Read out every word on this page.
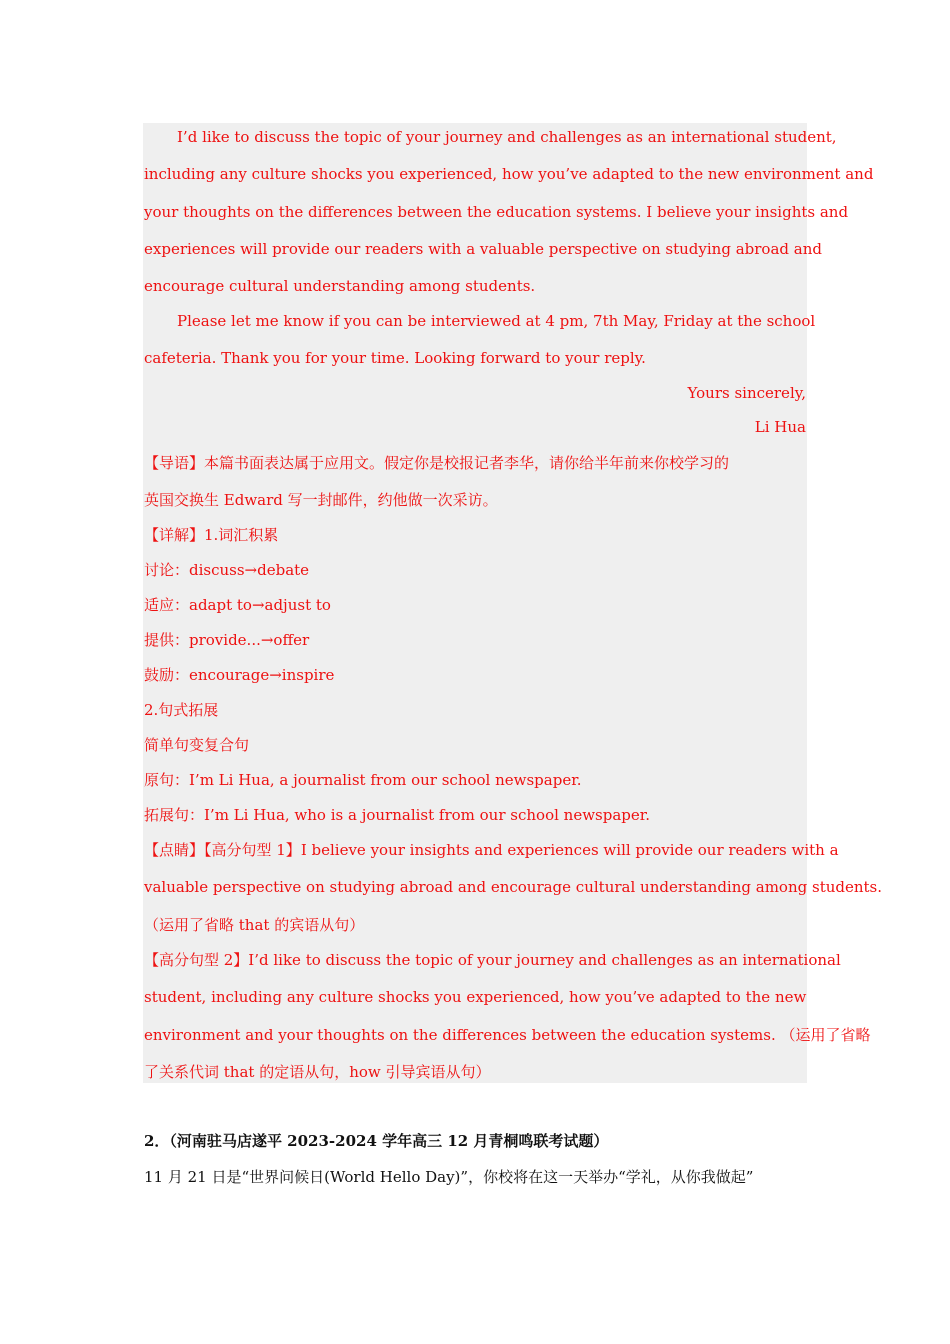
I’d like to discuss the topic of your journey and challenges as an international student,
including any culture shocks you experienced, how you’ve adapted to the new environment and
your thoughts on the differences between the education systems. I believe your insights and
experiences will provide our readers with a valuable perspective on studying abroad and
encourage cultural understanding among students.
Please let me know if you can be interviewed at 4 pm, 7th May, Friday at the school
cafeteria. Thank you for your time. Looking forward to your reply.
Yours sincerely,
Li Hua
【导语】本篇书面表达属于应用文。假定你是校报记者李华，请你给半年前来你校学习的
英国交换生 Edward 写一封邮件，约他做一次采访。
【详解】1.词汇积累
讨论：discuss→debate
适应：adapt to→adjust to
提供：provide...→offer
鼓励：encourage→inspire
2.句式拓展
简单句变复合句
原句：I’m Li Hua, a journalist from our school newspaper.
拓展句：I’m Li Hua, who is a journalist from our school newspaper.
【点睛】【高分句型 1】I believe your insights and experiences will provide our readers with a
valuable perspective on studying abroad and encourage cultural understanding among students.
（运用了省略 that 的宾语从句）
【高分句型 2】I’d like to discuss the topic of your journey and challenges as an international
student, including any culture shocks you experienced, how you’ve adapted to the new
environment and your thoughts on the differences between the education systems. （运用了省略
了关系代词 that 的定语从句，how 引导宾语从句）
2．（河南驻马店遂平 2023-2024 学年高三 12 月青桐鸣联考试题）
11 月 21 日是“世界问候日(World Hello Day)”，你校将在这一天举办“学礼，从你我做起”
